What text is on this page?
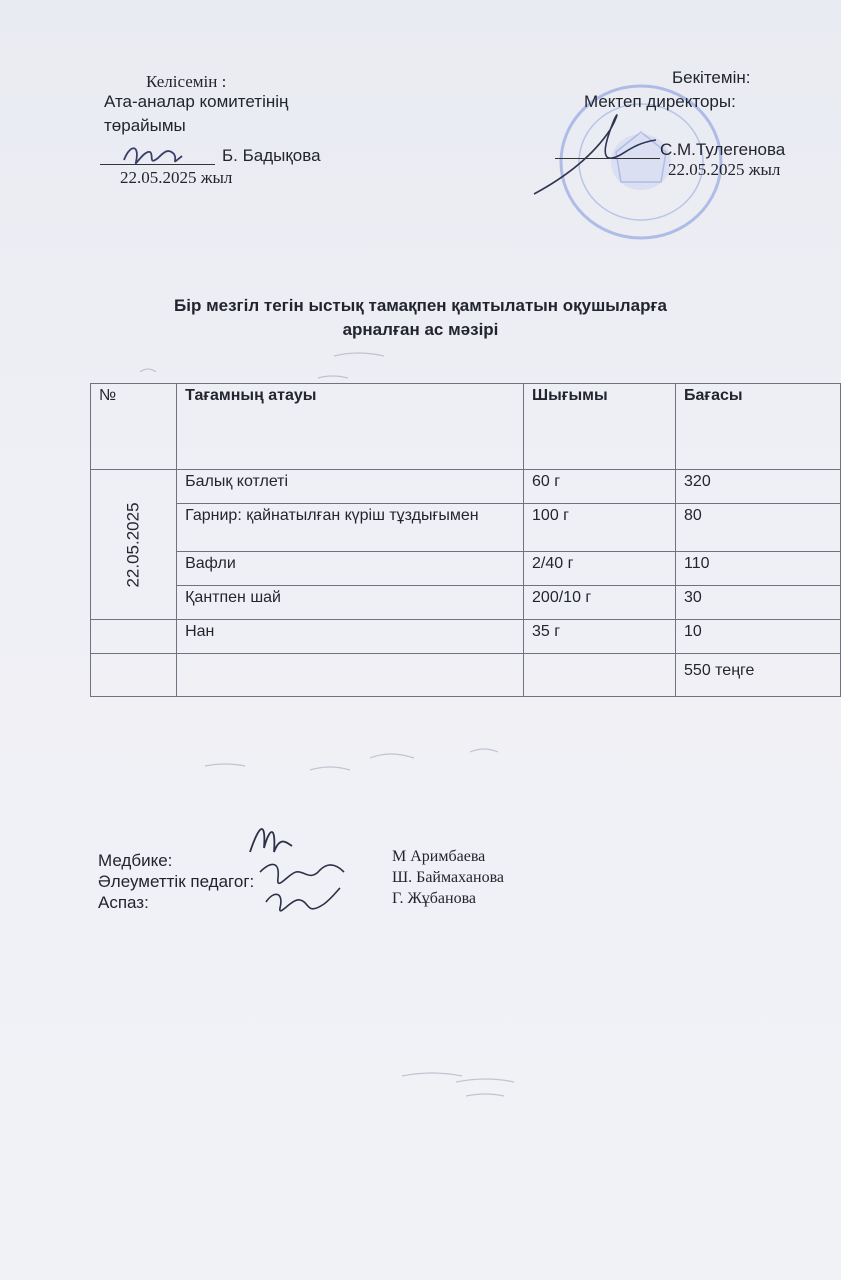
Келісемін :
Ата-аналар комитетінің
төрайымы
Б. Бадықова
22.05.2025 жыл
Бекітемін:
Мектеп директоры:
С.М.Тулегенова
22.05.2025 жыл
Бір мезгіл тегін ыстық тамақпен қамтылатын оқушыларға
арналған ас мәзірі
№	Тағамның атауы	Шығымы	Бағасы
22.05.2025	Балық котлеті	60 г	320
	Гарнир: қайнатылған күріш тұздығымен	100 г	80
	Вафли	2/40 г	110
	Қантпен шай	200/10 г	30
	Нан	35 г	10
			550 теңге
Медбике:
Әлеуметтік педагог:
Аспаз:
М Аримбаева
Ш. Баймаханова
Г. Жұбанова
